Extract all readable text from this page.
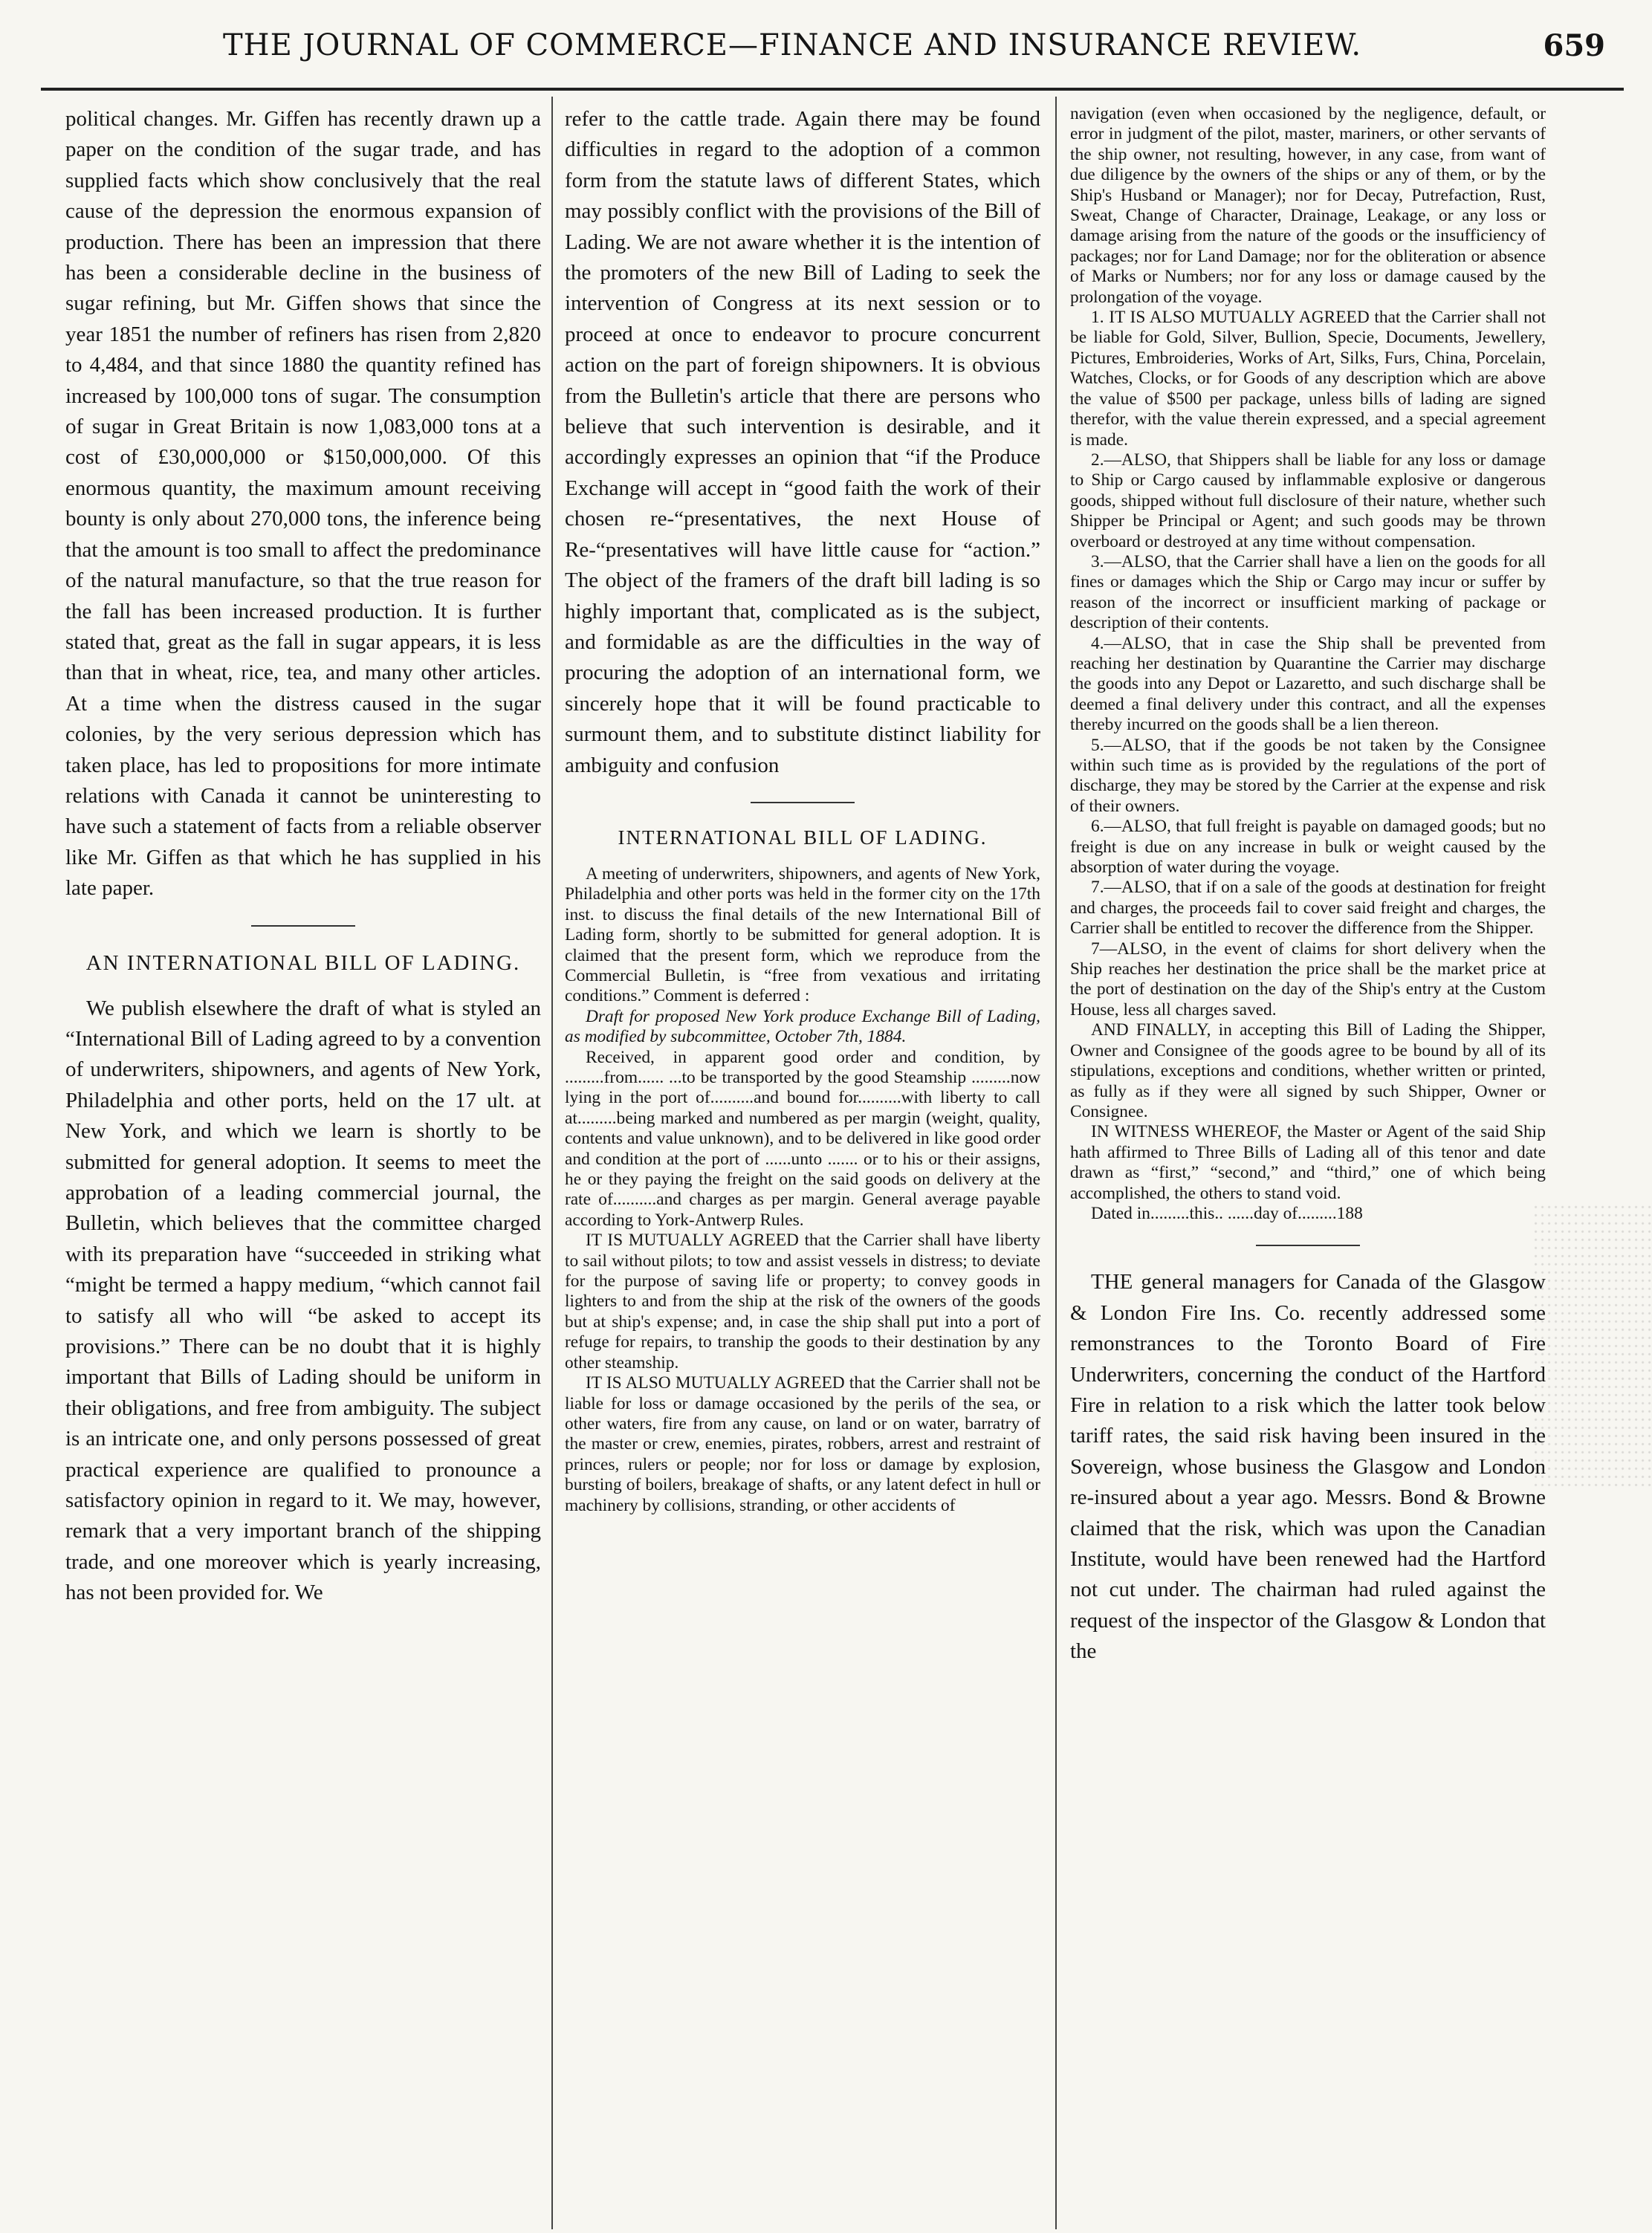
THE JOURNAL OF COMMERCE—FINANCE AND INSURANCE REVIEW.	659

political changes. Mr. Giffen has recently drawn up a paper on the condition of the sugar trade, and has supplied facts which show conclusively that the real cause of the depression the enormous expansion of production. There has been an impression that there has been a considerable decline in the business of sugar refining, but Mr. Giffen shows that since the year 1851 the number of refiners has risen from 2,820 to 4,484, and that since 1880 the quantity refined has increased by 100,000 tons of sugar. The consumption of sugar in Great Britain is now 1,083,000 tons at a cost of £30,000,000 or $150,000,000. Of this enormous quantity, the maximum amount receiving bounty is only about 270,000 tons, the inference being that the amount is too small to affect the predominance of the natural manufacture, so that the true reason for the fall has been increased production. It is further stated that, great as the fall in sugar appears, it is less than that in wheat, rice, tea, and many other articles. At a time when the distress caused in the sugar colonies, by the very serious depression which has taken place, has led to propositions for more intimate relations with Canada it cannot be uninteresting to have such a statement of facts from a reliable observer like Mr. Giffen as that which he has supplied in his late paper.

AN INTERNATIONAL BILL OF LADING.

We publish elsewhere the draft of what is styled an “International Bill of Lading agreed to by a convention of underwriters, shipowners, and agents of New York, Philadelphia and other ports, held on the 17 ult. at New York, and which we learn is shortly to be submitted for general adoption. It seems to meet the approbation of a leading commercial journal, the Bulletin, which believes that the committee charged with its preparation have “succeeded in striking what “might be termed a happy medium, “which cannot fail to satisfy all who will “be asked to accept its provisions.” There can be no doubt that it is highly important that Bills of Lading should be uniform in their obligations, and free from ambiguity. The subject is an intricate one, and only persons possessed of great practical experience are qualified to pronounce a satisfactory opinion in regard to it. We may, however, remark that a very important branch of the shipping trade, and one moreover which is yearly increasing, has not been provided for. We

refer to the cattle trade. Again there may be found difficulties in regard to the adoption of a common form from the statute laws of different States, which may possibly conflict with the provisions of the Bill of Lading. We are not aware whether it is the intention of the promoters of the new Bill of Lading to seek the intervention of Congress at its next session or to proceed at once to endeavor to procure concurrent action on the part of foreign shipowners. It is obvious from the Bulletin's article that there are persons who believe that such intervention is desirable, and it accordingly expresses an opinion that “if the Produce Exchange will accept in “good faith the work of their chosen re-“presentatives, the next House of Re-“presentatives will have little cause for “action.” The object of the framers of the draft bill lading is so highly important that, complicated as is the subject, and formidable as are the difficulties in the way of procuring the adoption of an international form, we sincerely hope that it will be found practicable to surmount them, and to substitute distinct liability for ambiguity and confusion

INTERNATIONAL BILL OF LADING.

A meeting of underwriters, shipowners, and agents of New York, Philadelphia and other ports was held in the former city on the 17th inst. to discuss the final details of the new International Bill of Lading form, shortly to be submitted for general adoption. It is claimed that the present form, which we reproduce from the Commercial Bulletin, is “free from vexatious and irritating conditions.” Comment is deferred :

Draft for proposed New York produce Exchange Bill of Lading, as modified by subcommittee, October 7th, 1884.

Received, in apparent good order and condition, by .........from...... ...to be transported by the good Steamship .........now lying in the port of..........and bound for..........with liberty to call at.........being marked and numbered as per margin (weight, quality, contents and value unknown), and to be delivered in like good order and condition at the port of ......unto ....... or to his or their assigns, he or they paying the freight on the said goods on delivery at the rate of..........and charges as per margin. General average payable according to York-Antwerp Rules.

IT IS MUTUALLY AGREED that the Carrier shall have liberty to sail without pilots; to tow and assist vessels in distress; to deviate for the purpose of saving life or property; to convey goods in lighters to and from the ship at the risk of the owners of the goods but at ship's expense; and, in case the ship shall put into a port of refuge for repairs, to tranship the goods to their destination by any other steamship.

IT IS ALSO MUTUALLY AGREED that the Carrier shall not be liable for loss or damage occasioned by the perils of the sea, or other waters, fire from any cause, on land or on water, barratry of the master or crew, enemies, pirates, robbers, arrest and restraint of princes, rulers or people; nor for loss or damage by explosion, bursting of boilers, breakage of shafts, or any latent defect in hull or machinery by collisions, stranding, or other accidents of

navigation (even when occasioned by the negligence, default, or error in judgment of the pilot, master, mariners, or other servants of the ship owner, not resulting, however, in any case, from want of due diligence by the owners of the ships or any of them, or by the Ship's Husband or Manager); nor for Decay, Putrefaction, Rust, Sweat, Change of Character, Drainage, Leakage, or any loss or damage arising from the nature of the goods or the insufficiency of packages; nor for Land Damage; nor for the obliteration or absence of Marks or Numbers; nor for any loss or damage caused by the prolongation of the voyage.

1. IT IS ALSO MUTUALLY AGREED that the Carrier shall not be liable for Gold, Silver, Bullion, Specie, Documents, Jewellery, Pictures, Embroideries, Works of Art, Silks, Furs, China, Porcelain, Watches, Clocks, or for Goods of any description which are above the value of $500 per package, unless bills of lading are signed therefor, with the value therein expressed, and a special agreement is made.

2.—ALSO, that Shippers shall be liable for any loss or damage to Ship or Cargo caused by inflammable explosive or dangerous goods, shipped without full disclosure of their nature, whether such Shipper be Principal or Agent; and such goods may be thrown overboard or destroyed at any time without compensation.

3.—ALSO, that the Carrier shall have a lien on the goods for all fines or damages which the Ship or Cargo may incur or suffer by reason of the incorrect or insufficient marking of package or description of their contents.

4.—ALSO, that in case the Ship shall be prevented from reaching her destination by Quarantine the Carrier may discharge the goods into any Depot or Lazaretto, and such discharge shall be deemed a final delivery under this contract, and all the expenses thereby incurred on the goods shall be a lien thereon.

5.—ALSO, that if the goods be not taken by the Consignee within such time as is provided by the regulations of the port of discharge, they may be stored by the Carrier at the expense and risk of their owners.

6.—ALSO, that full freight is payable on damaged goods; but no freight is due on any increase in bulk or weight caused by the absorption of water during the voyage.

7.—ALSO, that if on a sale of the goods at destination for freight and charges, the proceeds fail to cover said freight and charges, the Carrier shall be entitled to recover the difference from the Shipper.

7—ALSO, in the event of claims for short delivery when the Ship reaches her destination the price shall be the market price at the port of destination on the day of the Ship's entry at the Custom House, less all charges saved.

AND FINALLY, in accepting this Bill of Lading the Shipper, Owner and Consignee of the goods agree to be bound by all of its stipulations, exceptions and conditions, whether written or printed, as fully as if they were all signed by such Shipper, Owner or Consignee.

IN WITNESS WHEREOF, the Master or Agent of the said Ship hath affirmed to Three Bills of Lading all of this tenor and date drawn as “first,” “second,” and “third,” one of which being accomplished, the others to stand void.

Dated in.........this.. ......day of.........188

THE general managers for Canada of the Glasgow & London Fire Ins. Co. recently addressed some remonstrances to the Toronto Board of Fire Underwriters, concerning the conduct of the Hartford Fire in relation to a risk which the latter took below tariff rates, the said risk having been insured in the Sovereign, whose business the Glasgow and London re-insured about a year ago. Messrs. Bond & Browne claimed that the risk, which was upon the Canadian Institute, would have been renewed had the Hartford not cut under. The chairman had ruled against the request of the inspector of the Glasgow & London that the
